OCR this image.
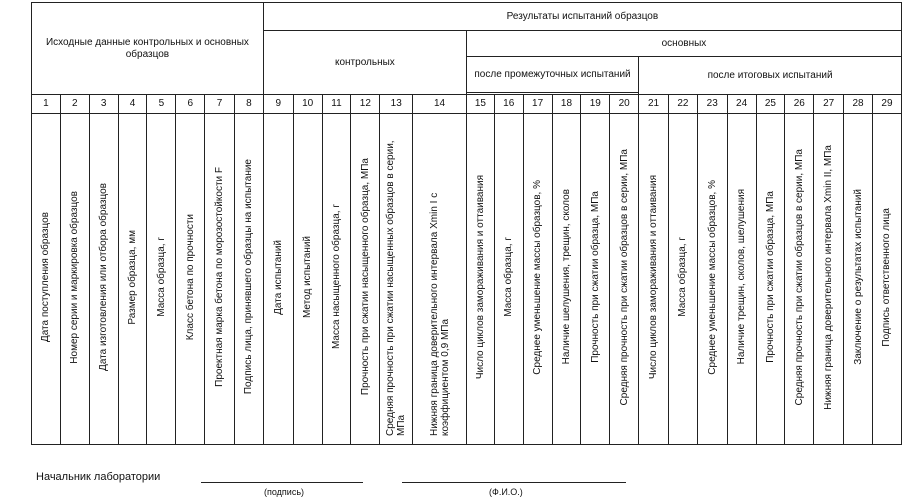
Исходные данные контрольных и основных образцов								Результаты испытаний образцов																				
								контрольных						основных														
														после промежуточных испытаний						после итоговых испытаний								

1	2	3	4	5	6	7	8	9	10	11	12	13	14	15	16	17	18	19	20	21	22	23	24	25	26	27	28	29
Дата поступления образцов	Номер серии и маркировка образцов	Дата изготовления или отбора образцов	Размер образца, мм	Масса образца, г	Класс бетона по прочности	Проектная марка бетона по морозостойкости F	Подпись лица, принявшего образцы на испытание	Дата испытаний	Метод испытаний	Масса насыщенного образца, г	Прочность при сжатии насыщенного образца, МПа	Средняя прочность при сжатии насыщенных образцов в серии, МПа	Нижняя граница доверительного интервала Xmin I с коэффициентом 0,9 МПа	Число циклов замораживания и оттаивания	Масса образца, г	Среднее уменьшение массы образцов, %	Наличие шелушения, трещин, сколов	Прочность при сжатии образца, МПа	Средняя прочность при сжатии образцов в серии, МПа	Число циклов замораживания и оттаивания	Масса образца, г	Среднее уменьшение массы образцов, %	Наличие трещин, сколов, шелушения	Прочность при сжатии образца, МПа	Средняя прочность при сжатии образцов в серии, МПа	Нижняя граница доверительного интервала Xmin II, МПа	Заключение о результатах испытаний	Подпись ответственного лица
Начальник лаборатории
(подпись)	(Ф.И.О.)
